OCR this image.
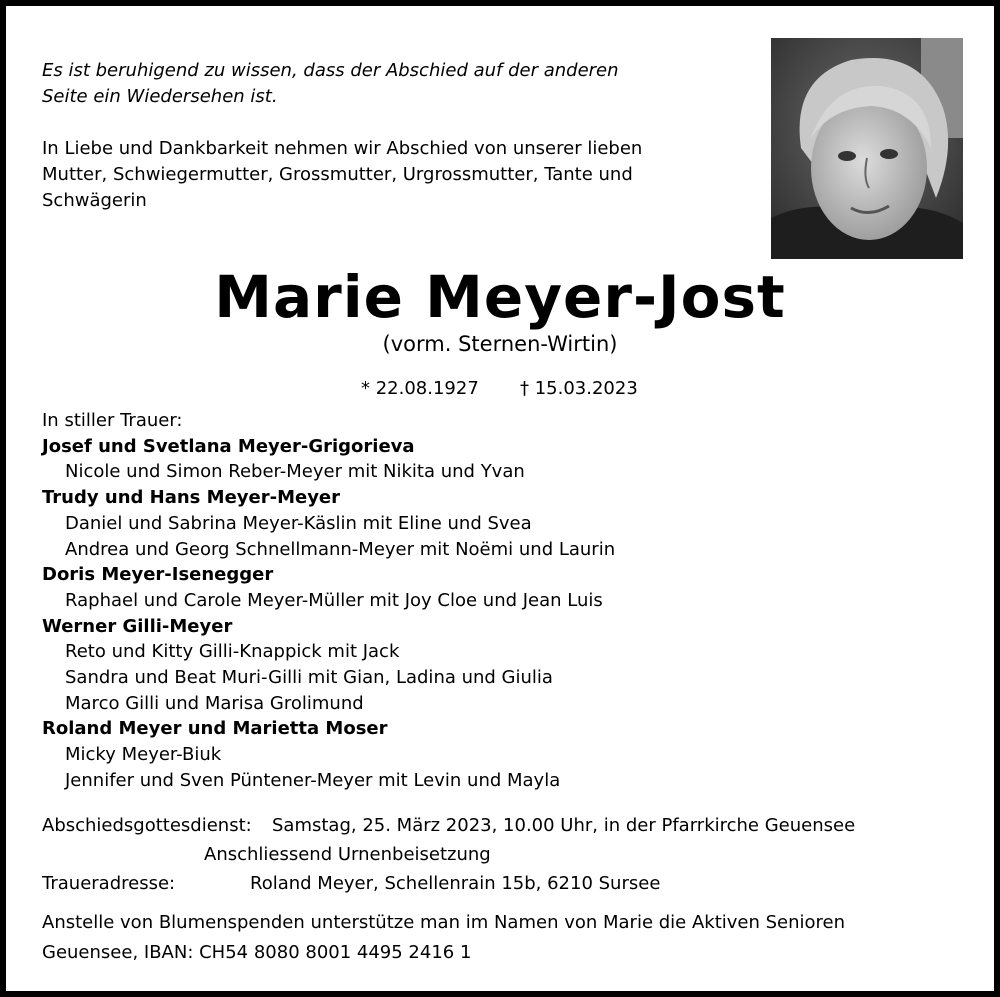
Es ist beruhigend zu wissen, dass der Abschied auf der anderen
Seite ein Wiedersehen ist.
In Liebe und Dankbarkeit nehmen wir Abschied von unserer lieben
Mutter, Schwiegermutter, Grossmutter, Urgrossmutter, Tante und
Schwägerin
Marie Meyer-Jost
(vorm. Sternen-Wirtin)
* 22.08.1927 † 15.03.2023
In stiller Trauer:
Josef und Svetlana Meyer-Grigorieva
Nicole und Simon Reber-Meyer mit Nikita und Yvan
Trudy und Hans Meyer-Meyer
Daniel und Sabrina Meyer-Käslin mit Eline und Svea
Andrea und Georg Schnellmann-Meyer mit Noëmi und Laurin
Doris Meyer-Isenegger
Raphael und Carole Meyer-Müller mit Joy Cloe und Jean Luis
Werner Gilli-Meyer
Reto und Kitty Gilli-Knappick mit Jack
Sandra und Beat Muri-Gilli mit Gian, Ladina und Giulia
Marco Gilli und Marisa Grolimund
Roland Meyer und Marietta Moser
Micky Meyer-Biuk
Jennifer und Sven Püntener-Meyer mit Levin und Mayla
Abschiedsgottesdienst: Samstag, 25. März 2023, 10.00 Uhr, in der Pfarrkirche Geuensee
Anschliessend Urnenbeisetzung
Traueradresse:	Roland Meyer, Schellenrain 15b, 6210 Sursee
Anstelle von Blumenspenden unterstütze man im Namen von Marie die Aktiven Senioren
Geuensee, IBAN: CH54 8080 8001 4495 2416 1
